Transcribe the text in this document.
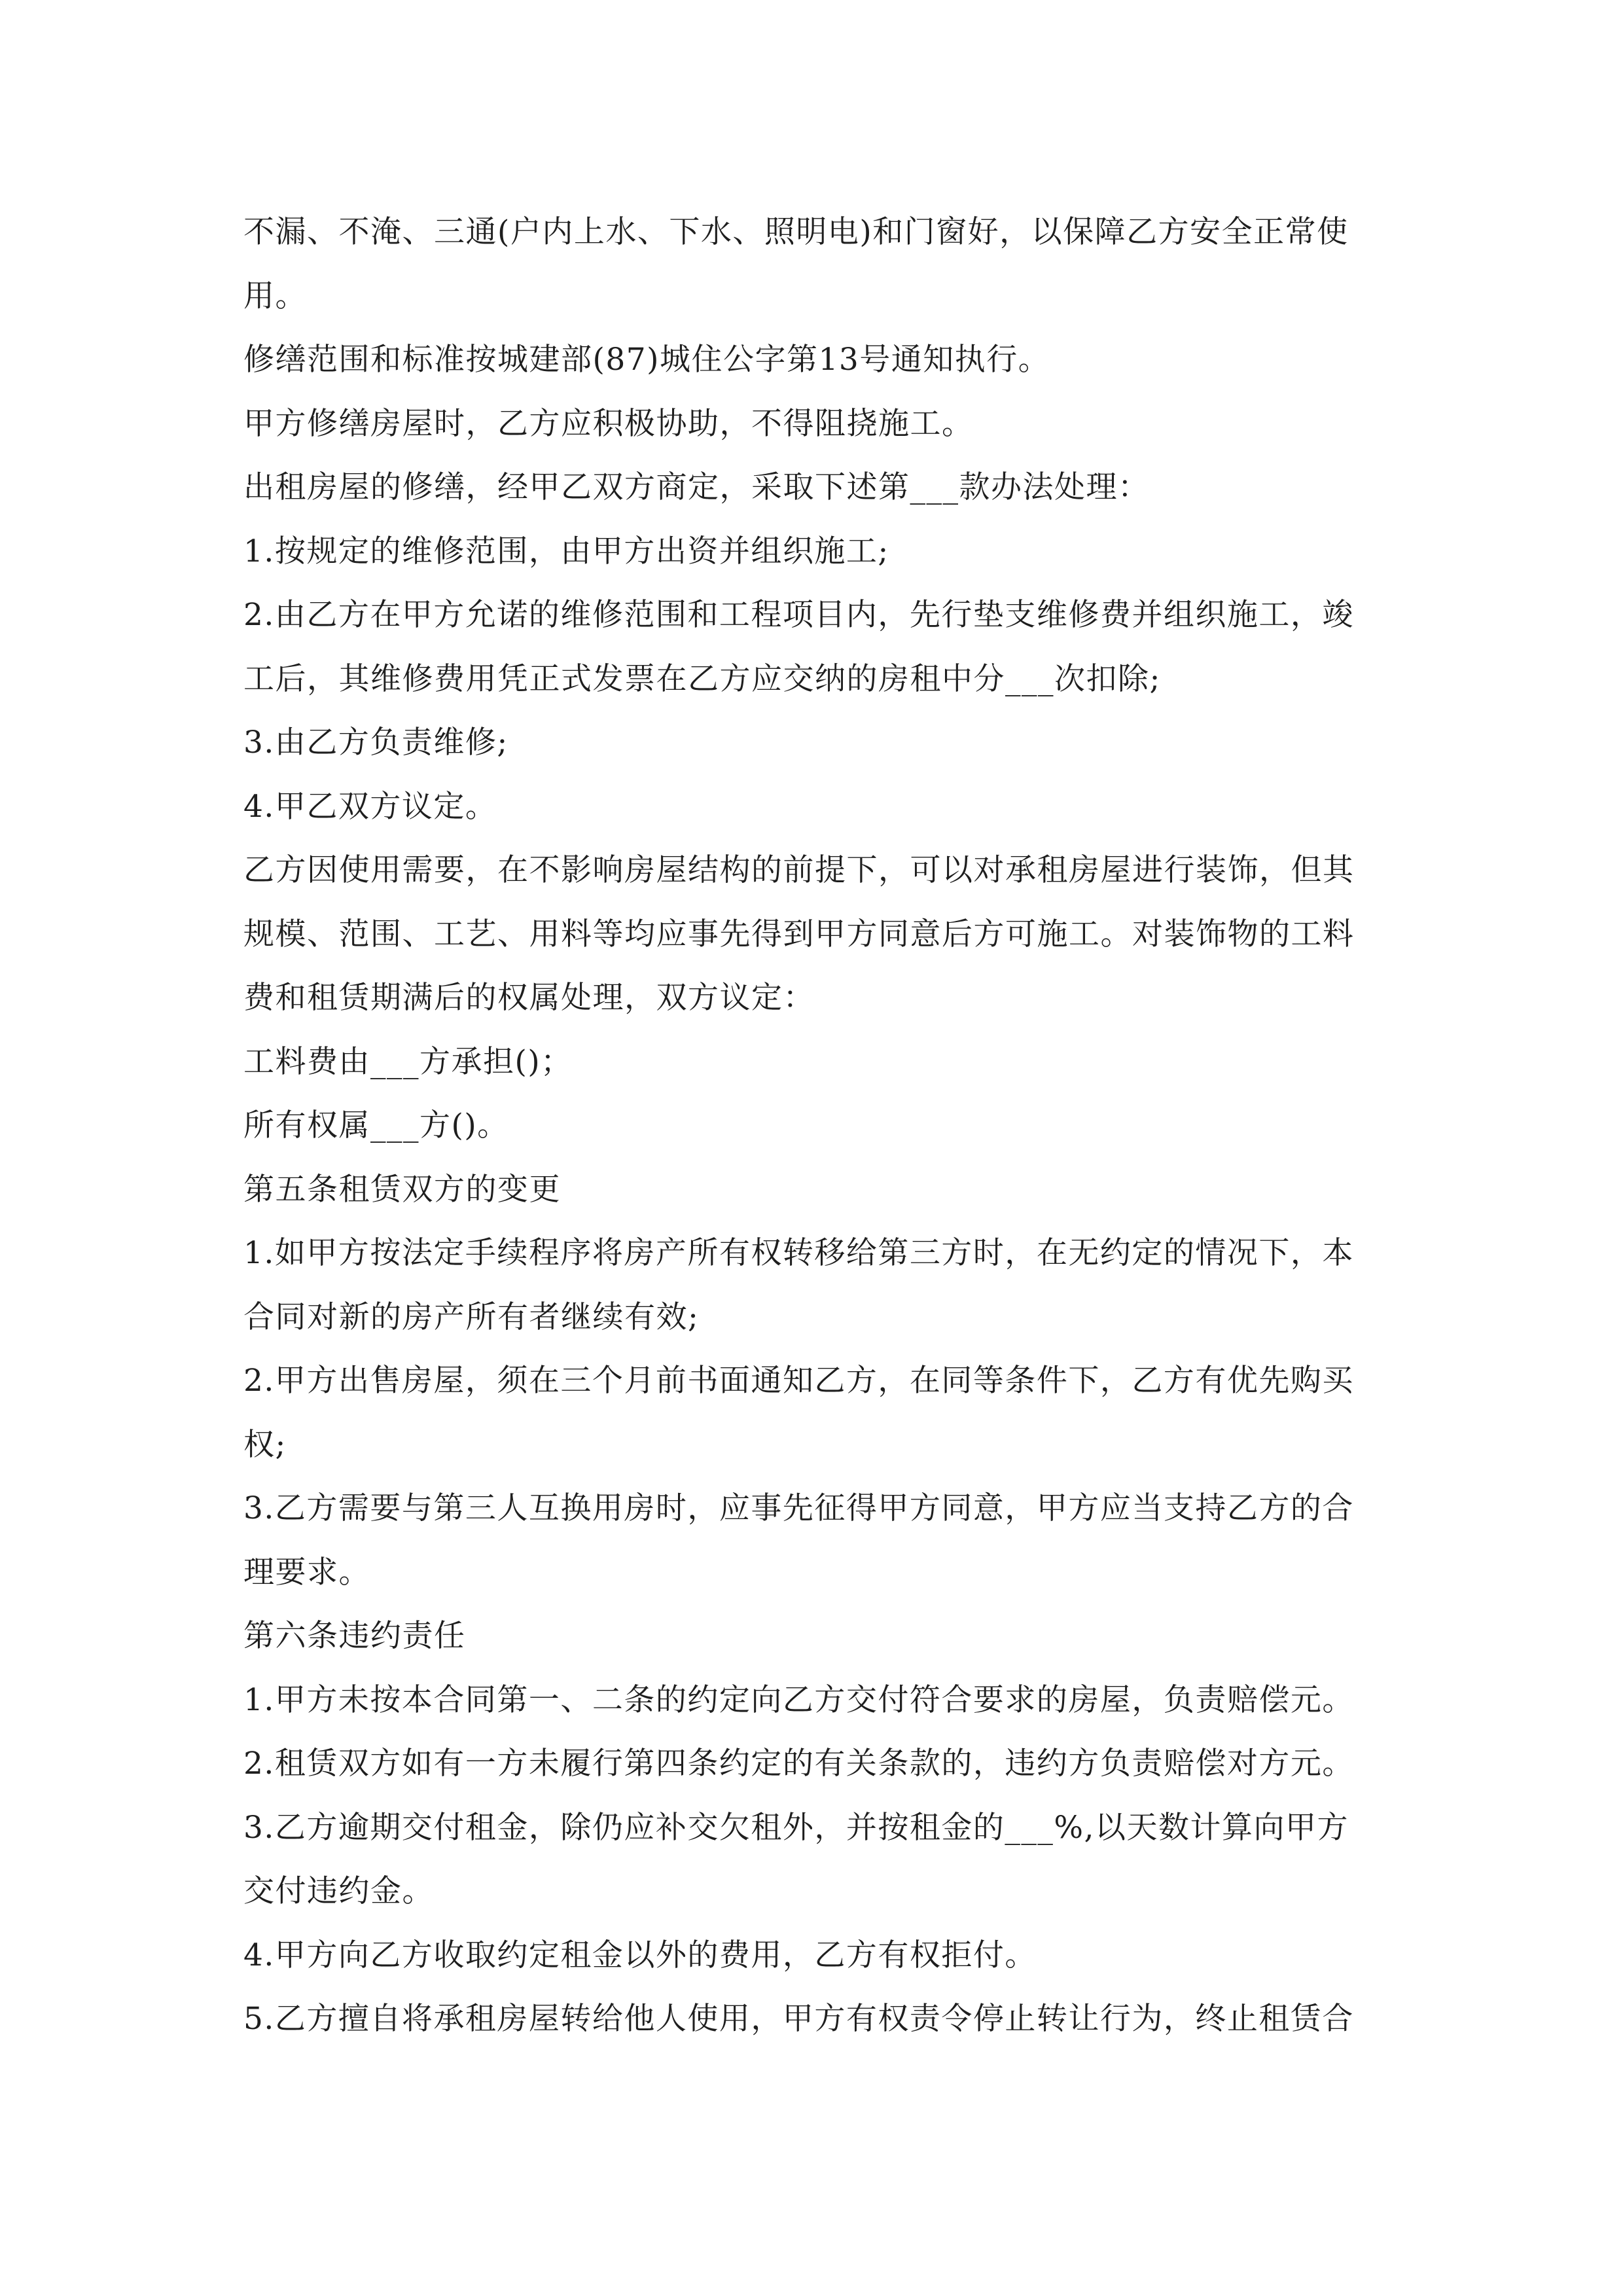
不漏、不淹、三通(户内上水、下水、照明电)和门窗好，以保障乙方安全正常使
用。
修缮范围和标准按城建部(87)城住公字第13号通知执行。
甲方修缮房屋时，乙方应积极协助，不得阻挠施工。
出租房屋的修缮，经甲乙双方商定，采取下述第___款办法处理：
1.按规定的维修范围，由甲方出资并组织施工;
2.由乙方在甲方允诺的维修范围和工程项目内，先行垫支维修费并组织施工，竣
工后，其维修费用凭正式发票在乙方应交纳的房租中分___次扣除;
3.由乙方负责维修;
4.甲乙双方议定。
乙方因使用需要，在不影响房屋结构的前提下，可以对承租房屋进行装饰，但其
规模、范围、工艺、用料等均应事先得到甲方同意后方可施工。对装饰物的工料
费和租赁期满后的权属处理，双方议定：
工料费由___方承担()；
所有权属___方()。
第五条租赁双方的变更
1.如甲方按法定手续程序将房产所有权转移给第三方时，在无约定的情况下，本
合同对新的房产所有者继续有效;
2.甲方出售房屋，须在三个月前书面通知乙方，在同等条件下，乙方有优先购买
权;
3.乙方需要与第三人互换用房时，应事先征得甲方同意，甲方应当支持乙方的合
理要求。
第六条违约责任
1.甲方未按本合同第一、二条的约定向乙方交付符合要求的房屋，负责赔偿元。
2.租赁双方如有一方未履行第四条约定的有关条款的，违约方负责赔偿对方元。
3.乙方逾期交付租金，除仍应补交欠租外，并按租金的___%,以天数计算向甲方
交付违约金。
4.甲方向乙方收取约定租金以外的费用，乙方有权拒付。
5.乙方擅自将承租房屋转给他人使用，甲方有权责令停止转让行为，终止租赁合
